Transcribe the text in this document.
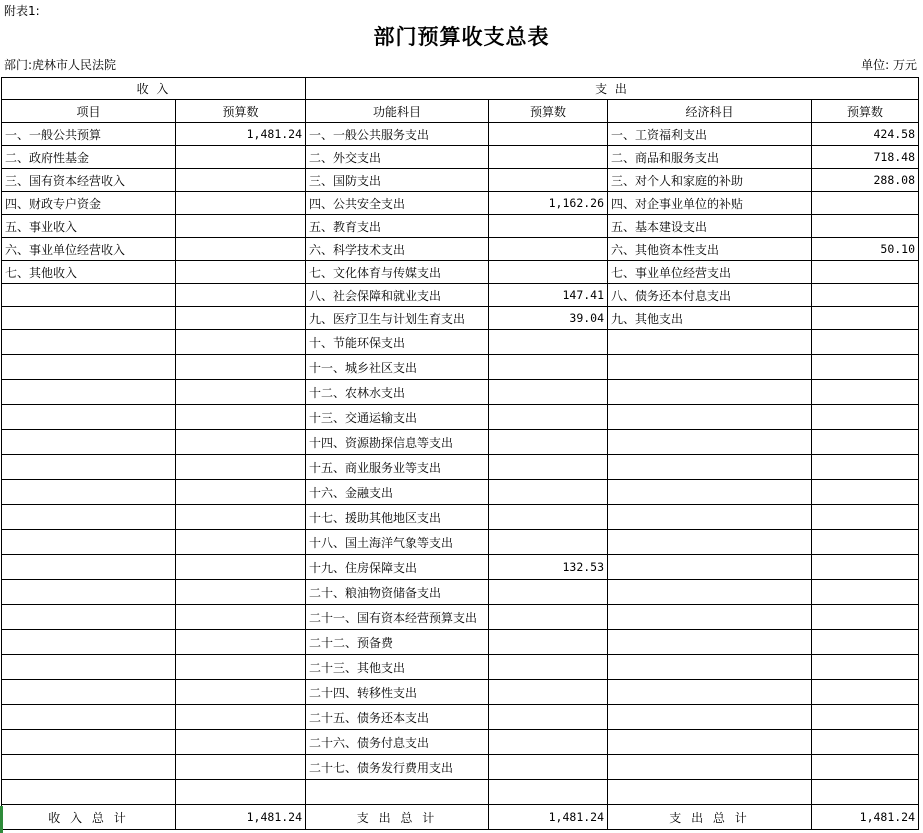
附表1:
部门预算收支总表
部门:虎林市人民法院	单位: 万元
收 入		支 出			
项目	预算数	功能科目	预算数	经济科目	预算数
一、一般公共预算	1,481.24	一、一般公共服务支出		一、工资福利支出	424.58
二、政府性基金		二、外交支出		二、商品和服务支出	718.48
三、国有资本经营收入		三、国防支出		三、对个人和家庭的补助	288.08
四、财政专户资金		四、公共安全支出	1,162.26	四、对企事业单位的补贴	
五、事业收入		五、教育支出		五、基本建设支出	
六、事业单位经营收入		六、科学技术支出		六、其他资本性支出	50.10
七、其他收入		七、文化体育与传媒支出		七、事业单位经营支出	
		八、社会保障和就业支出	147.41	八、债务还本付息支出	
		九、医疗卫生与计划生育支出	39.04	九、其他支出	
		十、节能环保支出			
		十一、城乡社区支出			
		十二、农林水支出			
		十三、交通运输支出			
		十四、资源勘探信息等支出			
		十五、商业服务业等支出			
		十六、金融支出			
		十七、援助其他地区支出			
		十八、国土海洋气象等支出			
		十九、住房保障支出	132.53		
		二十、粮油物资储备支出			
		二十一、国有资本经营预算支出			
		二十二、预备费			
		二十三、其他支出			
		二十四、转移性支出			
		二十五、债务还本支出			
		二十六、债务付息支出			
		二十七、债务发行费用支出			

收 入 总 计	1,481.24	支 出 总 计	1,481.24	支 出 总 计	1,481.24
